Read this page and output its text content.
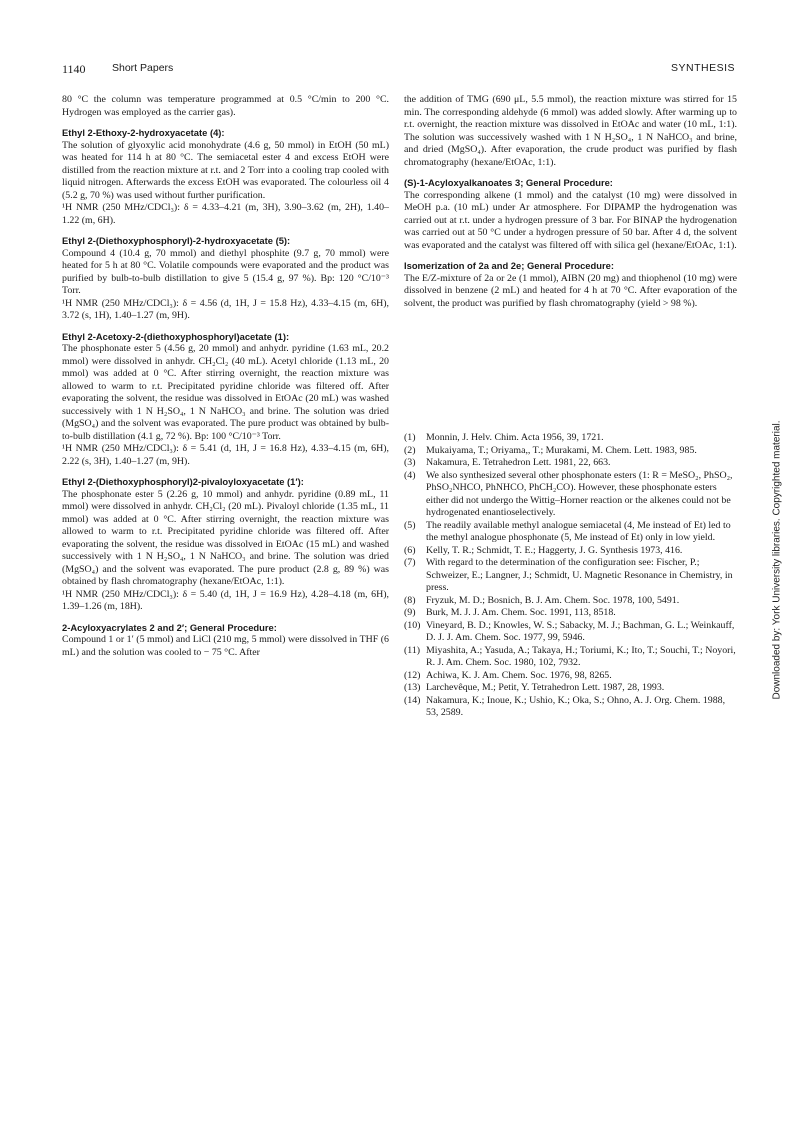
1140	Short Papers	SYNTHESIS

80 °C the column was temperature programmed at 0.5 °C/min to 200 °C. Hydrogen was employed as the carrier gas).

Ethyl 2-Ethoxy-2-hydroxyacetate (4):

The solution of glyoxylic acid monohydrate (4.6 g, 50 mmol) in EtOH (50 mL) was heated for 114 h at 80 °C. The semiacetal ester 4 and excess EtOH were distilled from the reaction mixture at r.t. and 2 Torr into a cooling trap cooled with liquid nitrogen. Afterwards the excess EtOH was evaporated. The colourless oil 4 (5.2 g, 70 %) was used without further purification.

¹H NMR (250 MHz/CDCl₃): δ = 4.33–4.21 (m, 3H), 3.90–3.62 (m, 2H), 1.40–1.22 (m, 6H).

Ethyl 2-(Diethoxyphosphoryl)-2-hydroxyacetate (5):

Compound 4 (10.4 g, 70 mmol) and diethyl phosphite (9.7 g, 70 mmol) were heated for 5 h at 80 °C. Volatile compounds were evaporated and the product was purified by bulb-to-bulb distillation to give 5 (15.4 g, 97 %). Bp: 120 °C/10⁻³ Torr.

¹H NMR (250 MHz/CDCl₃): δ = 4.56 (d, 1H, J = 15.8 Hz), 4.33–4.15 (m, 6H), 3.72 (s, 1H), 1.40–1.27 (m, 9H).

Ethyl 2-Acetoxy-2-(diethoxyphosphoryl)acetate (1):

The phosphonate ester 5 (4.56 g, 20 mmol) and anhydr. pyridine (1.63 mL, 20.2 mmol) were dissolved in anhydr. CH₂Cl₂ (40 mL). Acetyl chloride (1.13 mL, 20 mmol) was added at 0 °C. After stirring overnight, the reaction mixture was allowed to warm to r.t. Precipitated pyridine chloride was filtered off. After evaporating the solvent, the residue was dissolved in EtOAc (20 mL) was washed successively with 1 N H₂SO₄, 1 N NaHCO₃ and brine. The solution was dried (MgSO₄) and the solvent was evaporated. The pure product was obtained by bulb-to-bulb distillation (4.1 g, 72 %). Bp: 100 °C/10⁻³ Torr.

¹H NMR (250 MHz/CDCl₃): δ = 5.41 (d, 1H, J = 16.8 Hz), 4.33–4.15 (m, 6H), 2.22 (s, 3H), 1.40–1.27 (m, 9H).

Ethyl 2-(Diethoxyphosphoryl)2-pivaloyloxyacetate (1′):

The phosphonate ester 5 (2.26 g, 10 mmol) and anhydr. pyridine (0.89 mL, 11 mmol) were dissolved in anhydr. CH₂Cl₂ (20 mL). Pivaloyl chloride (1.35 mL, 11 mmol) was added at 0 °C. After stirring overnight, the reaction mixture was allowed to warm to r.t. Precipitated pyridine chloride was filtered off. After evaporating the solvent, the residue was dissolved in EtOAc (15 mL) and washed successively with 1 N H₂SO₄, 1 N NaHCO₃ and brine. The solution was dried (MgSO₄) and the solvent was evaporated. The pure product (2.8 g, 89 %) was obtained by flash chromatography (hexane/EtOAc, 1:1).

¹H NMR (250 MHz/CDCl₃): δ = 5.40 (d, 1H, J = 16.9 Hz), 4.28–4.18 (m, 6H), 1.39–1.26 (m, 18H).

2-Acyloxyacrylates 2 and 2′; General Procedure:

Compound 1 or 1′ (5 mmol) and LiCl (210 mg, 5 mmol) were dissolved in THF (6 mL) and the solution was cooled to − 75 °C. After

the addition of TMG (690 μL, 5.5 mmol), the reaction mixture was stirred for 15 min. The corresponding aldehyde (6 mmol) was added slowly. After warming up to r.t. overnight, the reaction mixture was dissolved in EtOAc and water (10 mL, 1:1). The solution was successively washed with 1 N H₂SO₄, 1 N NaHCO₃ and brine, and dried (MgSO₄). After evaporation, the crude product was purified by flash chromatography (hexane/EtOAc, 1:1).

(S)-1-Acyloxyalkanoates 3; General Procedure:

The corresponding alkene (1 mmol) and the catalyst (10 mg) were dissolved in MeOH p.a. (10 mL) under Ar atmosphere. For DIPAMP the hydrogenation was carried out at r.t. under a hydrogen pressure of 3 bar. For BINAP the hydrogenation was carried out at 50 °C under a hydrogen pressure of 50 bar. After 4 d, the solvent was evaporated and the catalyst was filtered off with silica gel (hexane/EtOAc, 1:1).

Isomerization of 2a and 2e; General Procedure:

The E/Z-mixture of 2a or 2e (1 mmol), AIBN (20 mg) and thiophenol (10 mg) were dissolved in benzene (2 mL) and heated for 4 h at 70 °C. After evaporation of the solvent, the product was purified by flash chromatography (yield > 98 %).

(1)	Monnin, J. Helv. Chim. Acta 1956, 39, 1721.
(2)	Mukaiyama, T.; Oriyama,, T.; Murakami, M. Chem. Lett. 1983, 985.
(3)	Nakamura, E. Tetrahedron Lett. 1981, 22, 663.
(4)	We also synthesized several other phosphonate esters (1: R = MeSO₂, PhSO₂, PhSO₂NHCO, PhNHCO, PhCH₂CO). However, these phosphonate esters either did not undergo the Wittig–Horner reaction or the alkenes could not be hydrogenated enantioselectively.
(5)	The readily available methyl analogue semiacetal (4, Me instead of Et) led to the methyl analogue phosphonate (5, Me instead of Et) only in low yield.
(6)	Kelly, T. R.; Schmidt, T. E.; Haggerty, J. G. Synthesis 1973, 416.
(7)	With regard to the determination of the configuration see: Fischer, P.; Schweizer, E.; Langner, J.; Schmidt, U. Magnetic Resonance in Chemistry, in press.
(8)	Fryzuk, M. D.; Bosnich, B. J. Am. Chem. Soc. 1978, 100, 5491.
(9)	Burk, M. J. J. Am. Chem. Soc. 1991, 113, 8518.
(10) Vineyard, B. D.; Knowles, W. S.; Sabacky, M. J.; Bachman, G. L.; Weinkauff, D. J. J. Am. Chem. Soc. 1977, 99, 5946.
(11) Miyashita, A.; Yasuda, A.; Takaya, H.; Toriumi, K.; Ito, T.; Souchi, T.; Noyori, R. J. Am. Chem. Soc. 1980, 102, 7932.
(12) Achiwa, K. J. Am. Chem. Soc. 1976, 98, 8265.
(13) Larchevêque, M.; Petit, Y. Tetrahedron Lett. 1987, 28, 1993.
(14) Nakamura, K.; Inoue, K.; Ushio, K.; Oka, S.; Ohno, A. J. Org. Chem. 1988, 53, 2589.
Downloaded by: York University libraries. Copyrighted material.
